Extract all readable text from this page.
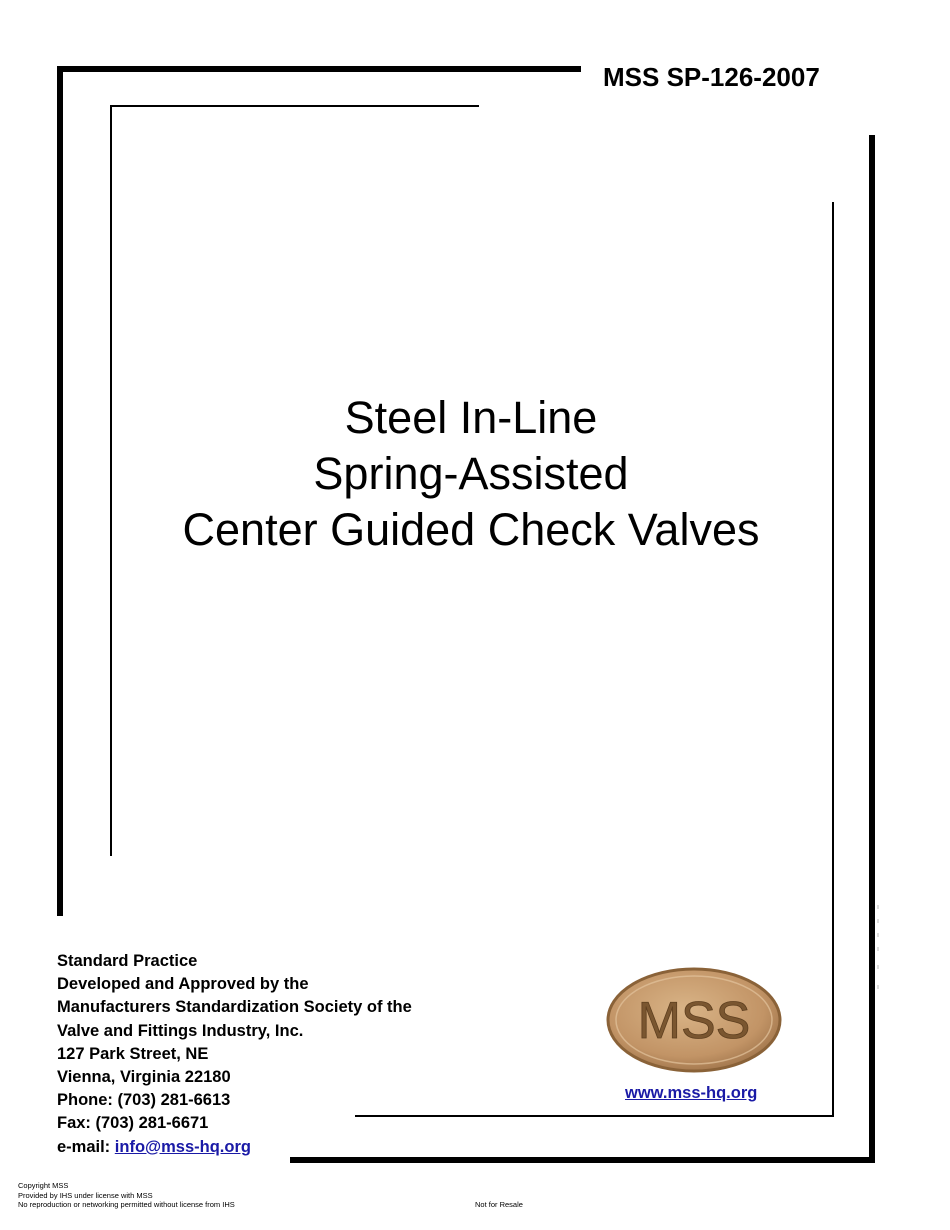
MSS SP-126-2007
Steel In-Line
Spring-Assisted
Center Guided Check Valves
Standard Practice
Developed and Approved by the
Manufacturers Standardization Society of the
Valve and Fittings Industry, Inc.
127 Park Street, NE
Vienna, Virginia 22180
Phone: (703) 281-6613
Fax: (703) 281-6671
e-mail: info@mss-hq.org
MSS
www.mss-hq.org
Copyright MSS
Provided by IHS under license with MSS
No reproduction or networking permitted without license from IHS	Not for Resale
